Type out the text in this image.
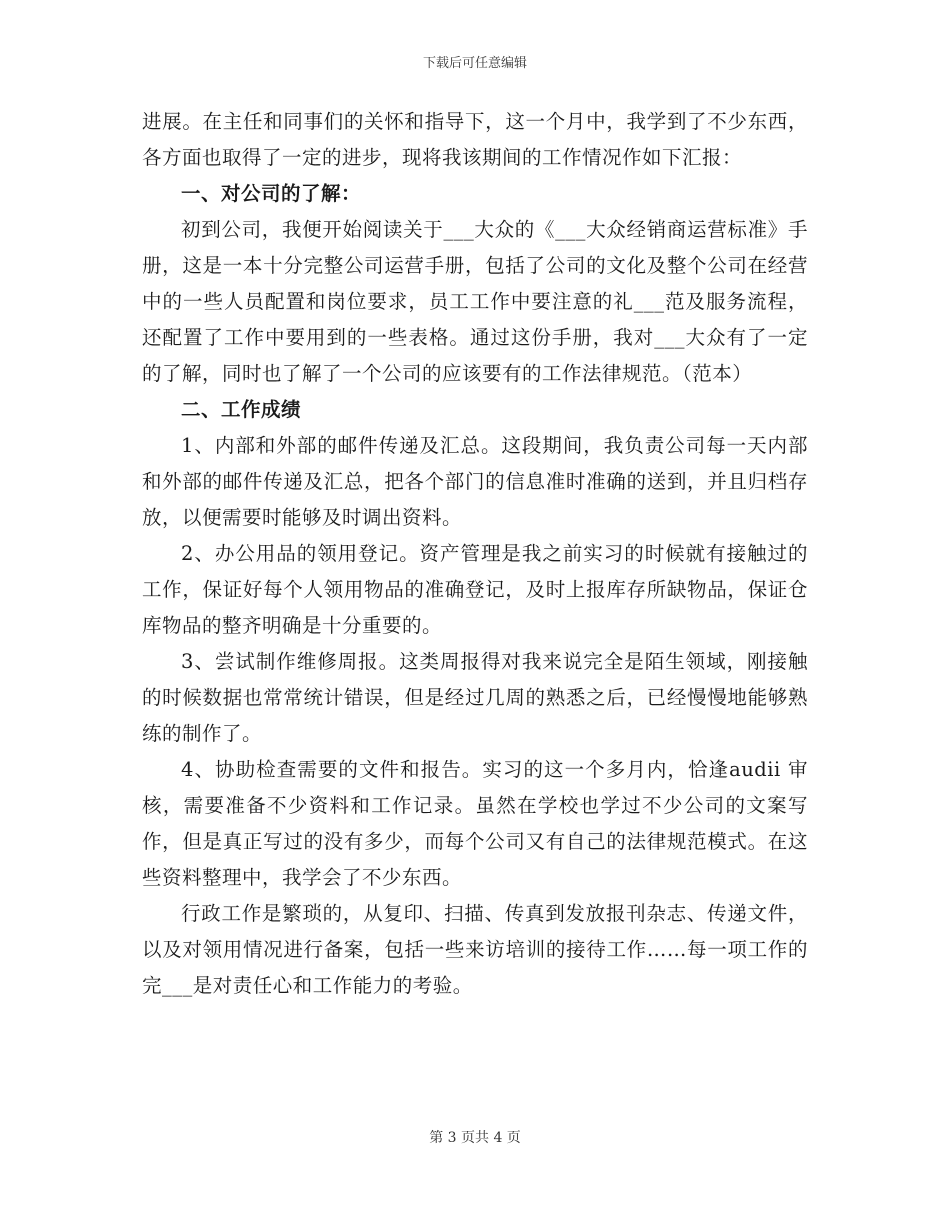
下载后可任意编辑

进展。在主任和同事们的关怀和指导下，这一个月中，我学到了不少东西，各方面也取得了一定的进步，现将我该期间的工作情况作如下汇报：

一、对公司的了解：

初到公司，我便开始阅读关于___大众的《___大众经销商运营标准》手册，这是一本十分完整公司运营手册，包括了公司的文化及整个公司在经营中的一些人员配置和岗位要求，员工工作中要注意的礼___范及服务流程，还配置了工作中要用到的一些表格。通过这份手册，我对___大众有了一定的了解，同时也了解了一个公司的应该要有的工作法律规范。（范本）

二、工作成绩

1、内部和外部的邮件传递及汇总。这段期间，我负责公司每一天内部和外部的邮件传递及汇总，把各个部门的信息准时准确的送到，并且归档存放，以便需要时能够及时调出资料。

2、办公用品的领用登记。资产管理是我之前实习的时候就有接触过的工作，保证好每个人领用物品的准确登记，及时上报库存所缺物品，保证仓库物品的整齐明确是十分重要的。

3、尝试制作维修周报。这类周报得对我来说完全是陌生领域，刚接触的时候数据也常常统计错误，但是经过几周的熟悉之后，已经慢慢地能够熟练的制作了。

4、协助检查需要的文件和报告。实习的这一个多月内，恰逢audii 审核，需要准备不少资料和工作记录。虽然在学校也学过不少公司的文案写作，但是真正写过的没有多少，而每个公司又有自己的法律规范模式。在这些资料整理中，我学会了不少东西。

行政工作是繁琐的，从复印、扫描、传真到发放报刊杂志、传递文件，以及对领用情况进行备案，包括一些来访培训的接待工作……每一项工作的完___是对责任心和工作能力的考验。

第 3 页共 4 页
